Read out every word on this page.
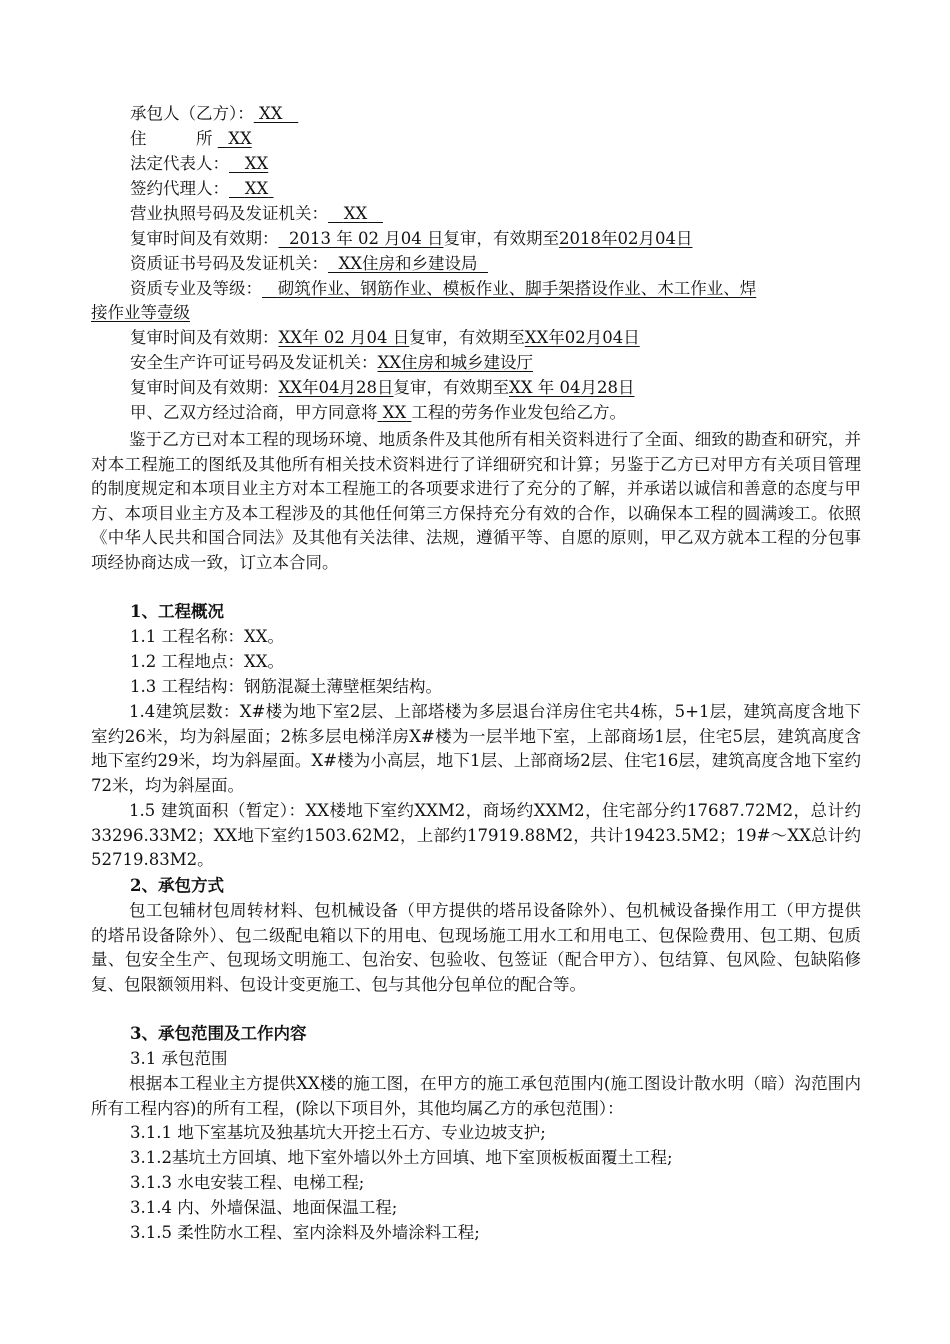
承包人（乙方）： XX
住　　　所 XX
法定代表人： XX
签约代理人： XX
营业执照号码及发证机关： XX
复审时间及有效期： 2013 年 02 月04 日复审，有效期至2018年02月04日
资质证书号码及发证机关： XX住房和乡建设局
资质专业及等级： 砌筑作业、钢筋作业、模板作业、脚手架搭设作业、木工作业、焊
接作业等壹级
复审时间及有效期：XX年 02 月04 日复审，有效期至XX年02月04日
安全生产许可证号码及发证机关：XX住房和城乡建设厅
复审时间及有效期：XX年04月28日复审，有效期至XX 年 04月28日
甲、乙双方经过洽商，甲方同意将 XX 工程的劳务作业发包给乙方。
鉴于乙方已对本工程的现场环境、地质条件及其他所有相关资料进行了全面、细致的勘查和研究，并对本工程施工的图纸及其他所有相关技术资料进行了详细研究和计算；另鉴于乙方已对甲方有关项目管理的制度规定和本项目业主方对本工程施工的各项要求进行了充分的了解，并承诺以诚信和善意的态度与甲方、本项目业主方及本工程涉及的其他任何第三方保持充分有效的合作，以确保本工程的圆满竣工。依照《中华人民共和国合同法》及其他有关法律、法规，遵循平等、自愿的原则，甲乙双方就本工程的分包事项经协商达成一致，订立本合同。
1、工程概况
1.1 工程名称：XX。
1.2 工程地点：XX。
1.3 工程结构：钢筋混凝土薄壁框架结构。
1.4建筑层数：X#楼为地下室2层、上部塔楼为多层退台洋房住宅共4栋，5+1层，建筑高度含地下室约26米，均为斜屋面；2栋多层电梯洋房X#楼为一层半地下室，上部商场1层，住宅5层，建筑高度含地下室约29米，均为斜屋面。X#楼为小高层，地下1层、上部商场2层、住宅16层，建筑高度含地下室约72米，均为斜屋面。
1.5 建筑面积（暂定）：XX楼地下室约XXM2，商场约XXM2，住宅部分约17687.72M2，总计约33296.33M2；XX地下室约1503.62M2，上部约17919.88M2，共计19423.5M2；19#～XX总计约52719.83M2。
2、承包方式
包工包辅材包周转材料、包机械设备（甲方提供的塔吊设备除外）、包机械设备操作用工（甲方提供的塔吊设备除外）、包二级配电箱以下的用电、包现场施工用水工和用电工、包保险费用、包工期、包质量、包安全生产、包现场文明施工、包治安、包验收、包签证（配合甲方）、包结算、包风险、包缺陷修复、包限额领用料、包设计变更施工、包与其他分包单位的配合等。
3、承包范围及工作内容
3.1 承包范围
根据本工程业主方提供XX楼的施工图，在甲方的施工承包范围内(施工图设计散水明（暗）沟范围内所有工程内容)的所有工程，(除以下项目外，其他均属乙方的承包范围）：
3.1.1 地下室基坑及独基坑大开挖土石方、专业边坡支护;
3.1.2基坑土方回填、地下室外墙以外土方回填、地下室顶板板面覆土工程;
3.1.3 水电安装工程、电梯工程;
3.1.4 内、外墙保温、地面保温工程;
3.1.5 柔性防水工程、室内涂料及外墙涂料工程;
